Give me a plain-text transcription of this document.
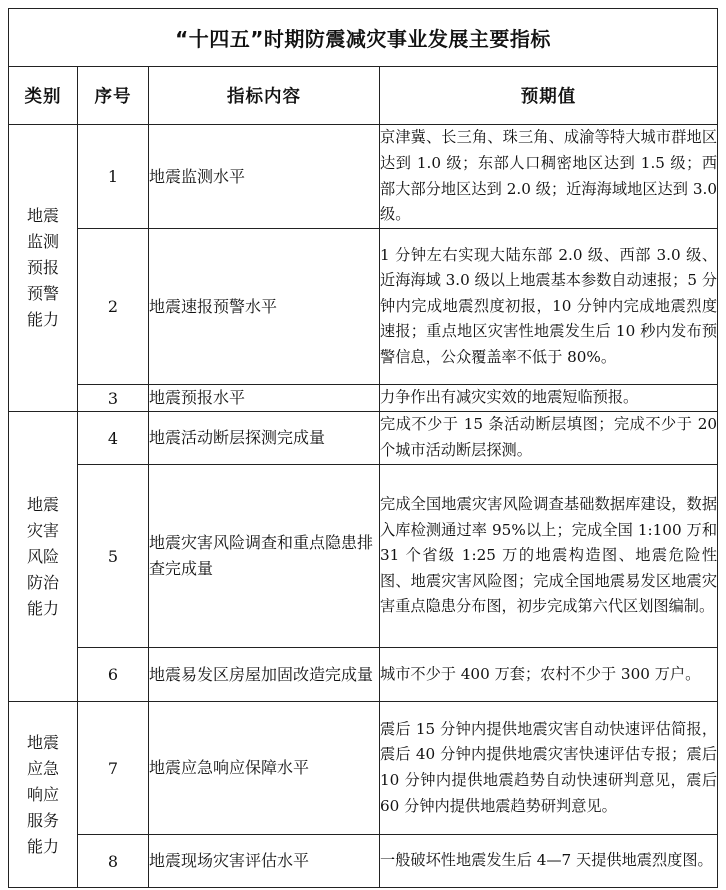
“十四五”时期防震减灾事业发展主要指标			
类别	序号	指标内容	预期值

地震
监测
预报
预警
能力	1	地震监测水平	京津冀、长三角、珠三角、成渝等特大城市群地区达到 1.0 级；东部人口稠密地区达到 1.5 级；西部大部分地区达到 2.0 级；近海海域地区达到 3.0 级。
	2	地震速报预警水平	1 分钟左右实现大陆东部 2.0 级、西部 3.0 级、近海海域 3.0 级以上地震基本参数自动速报；5 分钟内完成地震烈度初报，10 分钟内完成地震烈度速报；重点地区灾害性地震发生后 10 秒内发布预警信息，公众覆盖率不低于 80%。
	3	地震预报水平	力争作出有减灾实效的地震短临预报。

地震
灾害
风险
防治
能力	4	地震活动断层探测完成量	完成不少于 15 条活动断层填图；完成不少于 20 个城市活动断层探测。
	5	地震灾害风险调查和重点隐患排查完成量	完成全国地震灾害风险调查基础数据库建设，数据入库检测通过率 95%以上；完成全国 1:100 万和 31 个省级 1:25 万的地震构造图、地震危险性图、地震灾害风险图；完成全国地震易发区地震灾害重点隐患分布图，初步完成第六代区划图编制。
	6	地震易发区房屋加固改造完成量	城市不少于 400 万套；农村不少于 300 万户。

地震
应急
响应
服务
能力	7	地震应急响应保障水平	震后 15 分钟内提供地震灾害自动快速评估简报，震后 40 分钟内提供地震灾害快速评估专报；震后 10 分钟内提供地震趋势自动快速研判意见，震后 60 分钟内提供地震趋势研判意见。
	8	地震现场灾害评估水平	一般破坏性地震发生后 4—7 天提供地震烈度图。
